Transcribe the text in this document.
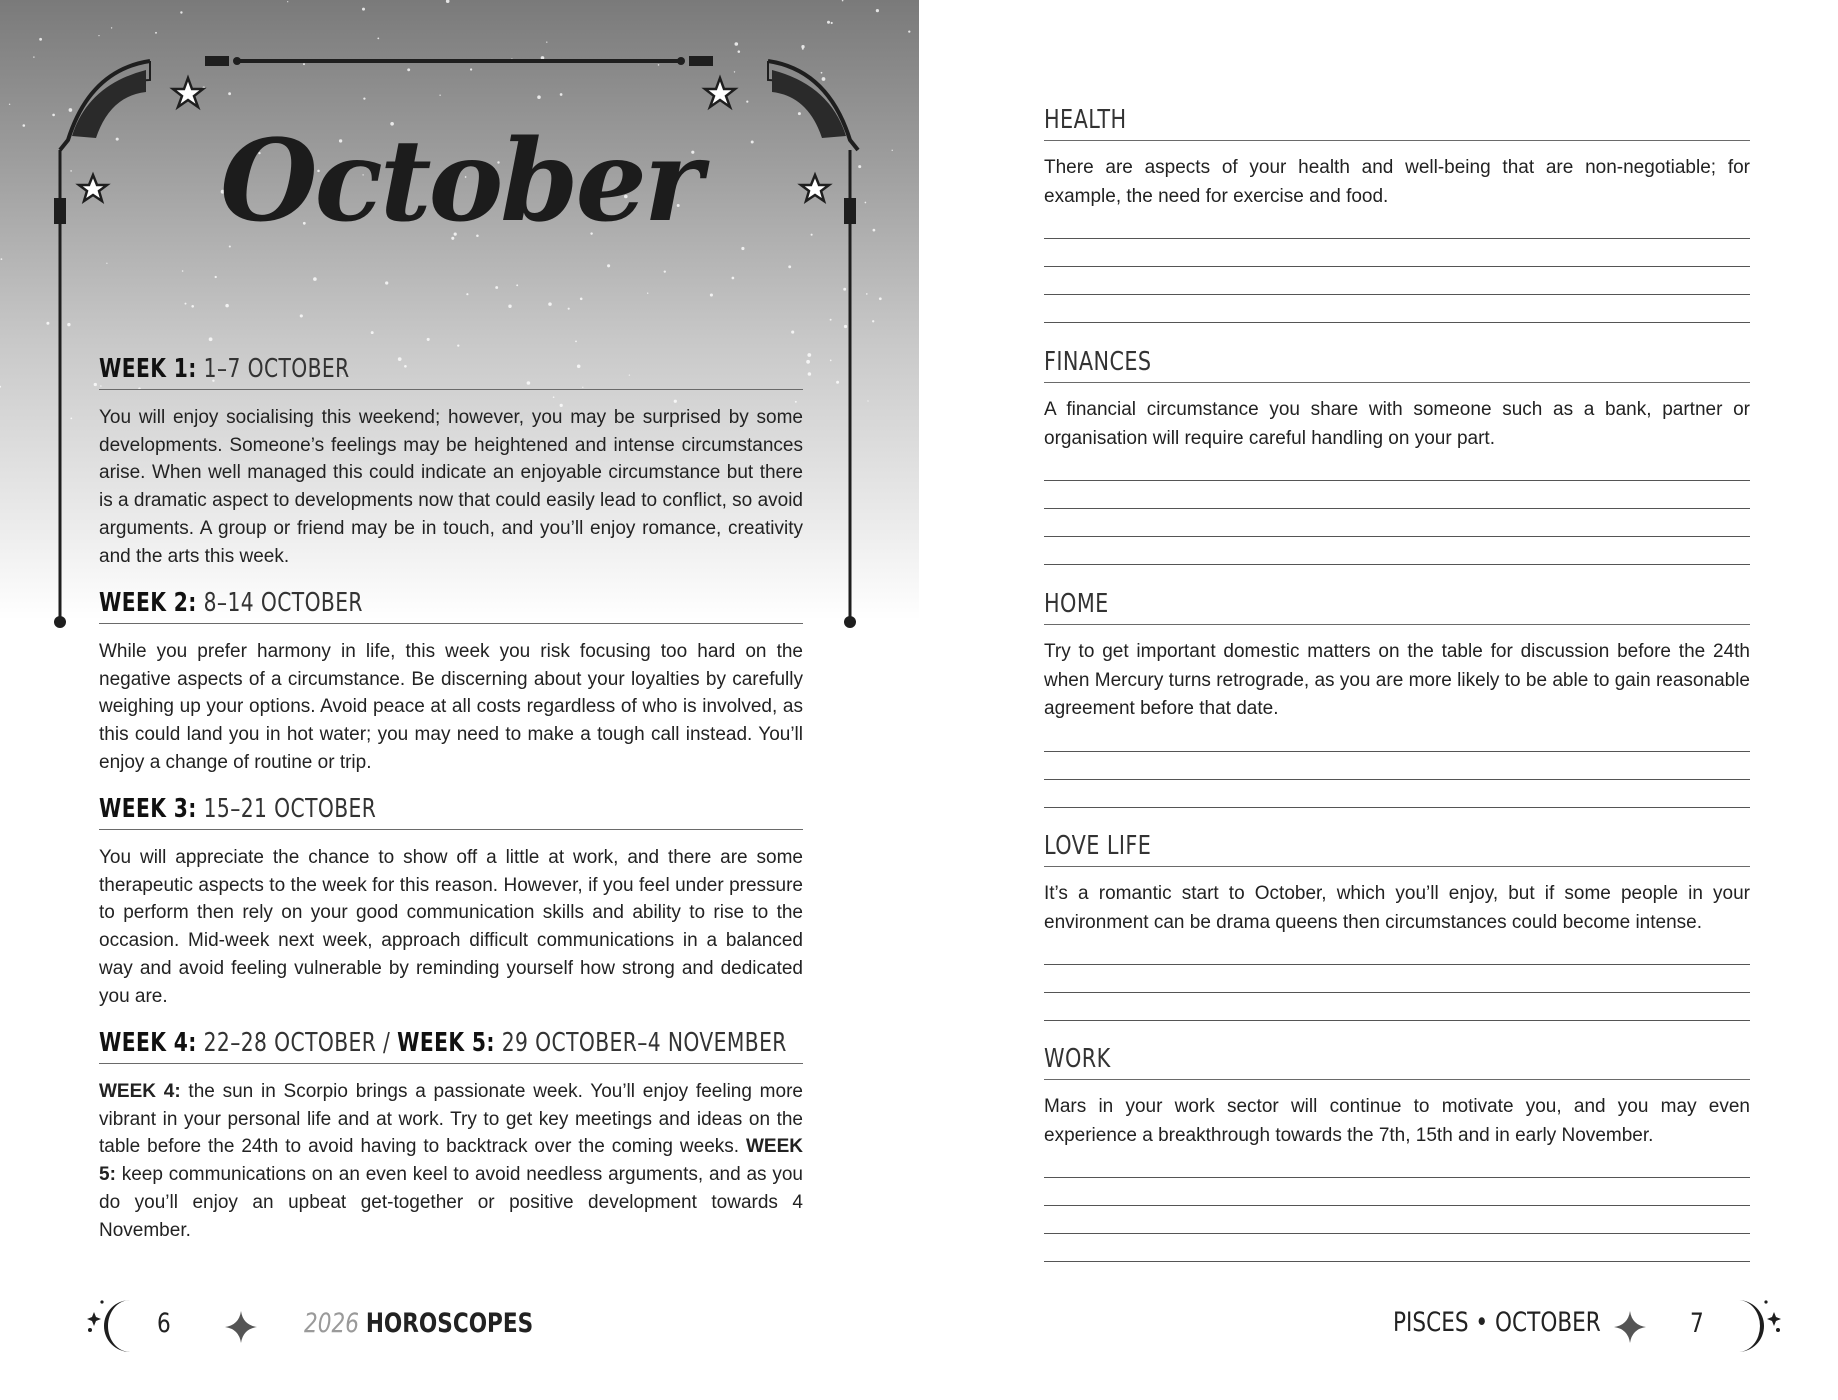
October
WEEK 1: 1–7 OCTOBER
You will enjoy socialising this weekend; however, you may be surprised by some developments. Someone’s feelings may be heightened and intense circumstances arise. When well managed this could indicate an enjoyable circumstance but there is a dramatic aspect to developments now that could easily lead to conflict, so avoid arguments. A group or friend may be in touch, and you’ll enjoy romance, creativity and the arts this week.
WEEK 2: 8–14 OCTOBER
While you prefer harmony in life, this week you risk focusing too hard on the negative aspects of a circumstance. Be discerning about your loyalties by carefully weighing up your options. Avoid peace at all costs regardless of who is involved, as this could land you in hot water; you may need to make a tough call instead. You’ll enjoy a change of routine or trip.
WEEK 3: 15–21 OCTOBER
You will appreciate the chance to show off a little at work, and there are some therapeutic aspects to the week for this reason. However, if you feel under pressure to perform then rely on your good communication skills and ability to rise to the occasion. Mid-week next week, approach difficult communications in a balanced way and avoid feeling vulnerable by reminding yourself how strong and dedicated you are.
WEEK 4: 22–28 OCTOBER / WEEK 5: 29 OCTOBER–4 NOVEMBER
WEEK 4: the sun in Scorpio brings a passionate week. You’ll enjoy feeling more vibrant in your personal life and at work. Try to get key meetings and ideas on the table before the 24th to avoid having to backtrack over the coming weeks. WEEK 5: keep communications on an even keel to avoid needless arguments, and as you do you’ll enjoy an upbeat get-together or positive development towards 4 November.
6	2026 HOROSCOPES
HEALTH
There are aspects of your health and well-being that are non-negotiable; for example, the need for exercise and food.
FINANCES
A financial circumstance you share with someone such as a bank, partner or organisation will require careful handling on your part.
HOME
Try to get important domestic matters on the table for discussion before the 24th when Mercury turns retrograde, as you are more likely to be able to gain reasonable agreement before that date.
LOVE LIFE
It’s a romantic start to October, which you’ll enjoy, but if some people in your environment can be drama queens then circumstances could become intense.
WORK
Mars in your work sector will continue to motivate you, and you may even experience a breakthrough towards the 7th, 15th and in early November.
PISCES • OCTOBER	7
